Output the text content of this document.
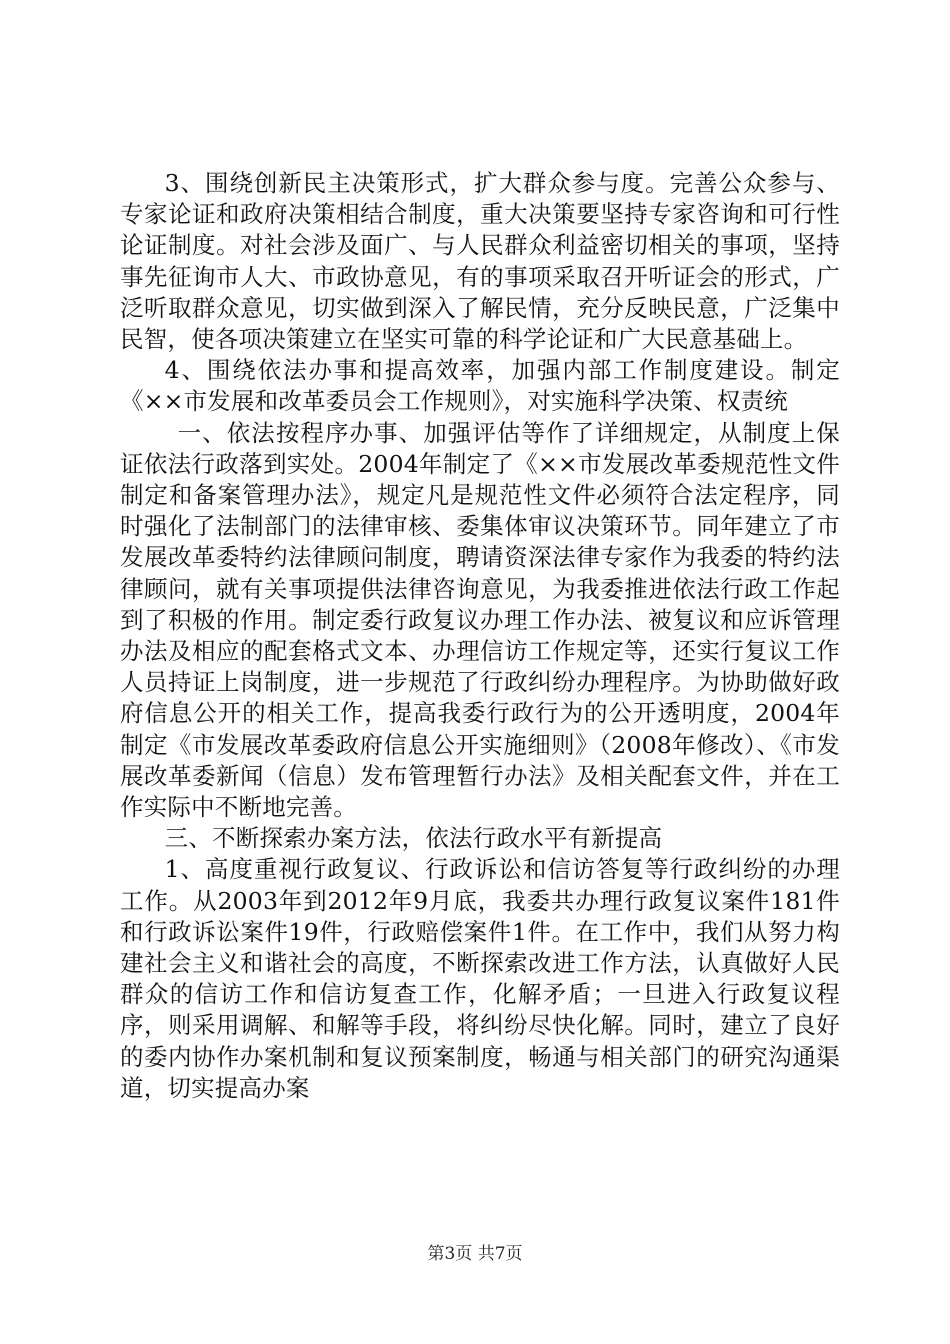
3、围绕创新民主决策形式，扩大群众参与度。完善公众参与、专家论证和政府决策相结合制度，重大决策要坚持专家咨询和可行性论证制度。对社会涉及面广、与人民群众利益密切相关的事项，坚持事先征询市人大、市政协意见，有的事项采取召开听证会的形式，广泛听取群众意见，切实做到深入了解民情，充分反映民意，广泛集中民智，使各项决策建立在坚实可靠的科学论证和广大民意基础上。

4、围绕依法办事和提高效率，加强内部工作制度建设。制定《××市发展和改革委员会工作规则》，对实施科学决策、权责统

一、依法按程序办事、加强评估等作了详细规定，从制度上保证依法行政落到实处。2004年制定了《××市发展改革委规范性文件制定和备案管理办法》，规定凡是规范性文件必须符合法定程序，同时强化了法制部门的法律审核、委集体审议决策环节。同年建立了市发展改革委特约法律顾问制度，聘请资深法律专家作为我委的特约法律顾问，就有关事项提供法律咨询意见，为我委推进依法行政工作起到了积极的作用。制定委行政复议办理工作办法、被复议和应诉管理办法及相应的配套格式文本、办理信访工作规定等，还实行复议工作人员持证上岗制度，进一步规范了行政纠纷办理程序。为协助做好政府信息公开的相关工作，提高我委行政行为的公开透明度，2004年制定《市发展改革委政府信息公开实施细则》（2008年修改）、《市发展改革委新闻（信息）发布管理暂行办法》及相关配套文件，并在工作实际中不断地完善。

三、不断探索办案方法，依法行政水平有新提高

1、高度重视行政复议、行政诉讼和信访答复等行政纠纷的办理工作。从2003年到2012年9月底，我委共办理行政复议案件181件和行政诉讼案件19件，行政赔偿案件1件。在工作中，我们从努力构建社会主义和谐社会的高度，不断探索改进工作方法，认真做好人民群众的信访工作和信访复查工作，化解矛盾；一旦进入行政复议程序，则采用调解、和解等手段，将纠纷尽快化解。同时，建立了良好的委内协作办案机制和复议预案制度，畅通与相关部门的研究沟通渠道，切实提高办案

第3页 共7页
